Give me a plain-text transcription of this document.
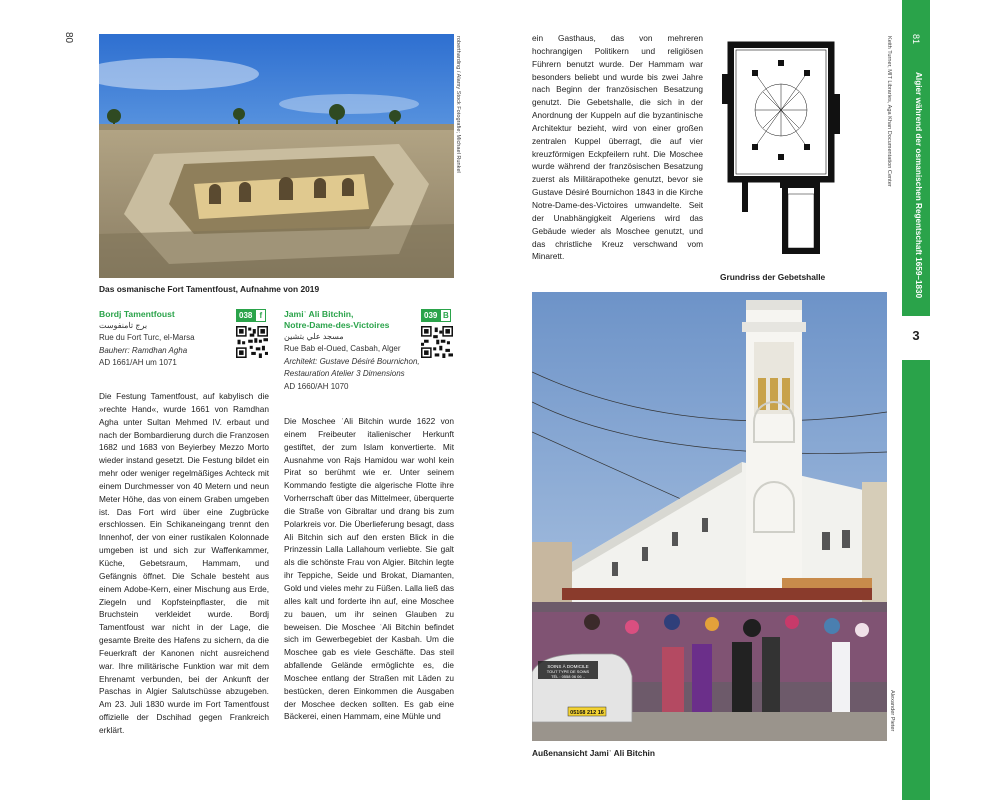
80	robertharding / Alamy Stock Fotografie; Michael Runkel
Das osmanische Fort Tamentfoust, Aufnahme von 2019
Bordj Tamentfoust
برج تامنفوست
Rue du Fort Turc, el-Marsa
Bauherr: Ramdhan Agha
AD 1661/AH um 1071
038 f
Die Festung Tamentfoust, auf kabylisch die »rechte Hand«, wurde 1661 von Ramdhan Agha unter Sultan Mehmed IV. erbaut und nach der Bombardierung durch die Franzosen 1682 und 1683 von Beyierbey Mezzo Morto wieder instand gesetzt. Die Festung bildet ein mehr oder weniger regelmäßiges Achteck mit einem Durchmesser von 40 Metern und neun Meter Höhe, das von einem Graben umgeben ist. Das Fort wird über eine Zugbrücke erschlossen. Ein Schikaneingang trennt den Innenhof, der von einer rustikalen Kolonnade umgeben ist und sich zur Waffenkammer, Küche, Gebetsraum, Hammam, und Gefängnis öffnet. Die Schale besteht aus einem Adobe-Kern, einer Mischung aus Erde, Ziegeln und Kopfsteinpflaster, die mit Bruchstein verkleidet wurde. Bordj Tamentfoust war nicht in der Lage, die gesamte Breite des Hafens zu sichern, da die Feuerkraft der Kanonen nicht ausreichend war. Ihre militärische Funktion war mit dem Ehrenamt verbunden, bei der Ankunft der Paschas in Algier Salutschüsse abzugeben. Am 23. Juli 1830 wurde im Fort Tamentfoust offizielle der Dschihad gegen Frankreich erklärt.
Jamiʿ Ali Bitchin,
Notre-Dame-des-Victoires
مسجد علي بتشين
Rue Bab el-Oued, Casbah, Alger
Architekt: Gustave Désiré Bournichon,
Restauration Atelier 3 Dimensions
AD 1660/AH 1070
039 B
Die Moschee ʿAli Bitchin wurde 1622 von einem Freibeuter italienischer Herkunft gestiftet, der zum Islam konvertierte. Mit Ausnahme von Rajs Hamidou war wohl kein Pirat so berühmt wie er. Unter seinem Kommando festigte die algerische Flotte ihre Vorherrschaft über das Mittelmeer, überquerte die Straße von Gibraltar und drang bis zum Polarkreis vor. Die Überlieferung besagt, dass Ali Bitchin sich auf den ersten Blick in die Prinzessin Lalla Lallahoum verliebte. Sie galt als die schönste Frau von Algier. Bitchin legte ihr Teppiche, Seide und Brokat, Diamanten, Gold und vieles mehr zu Füßen. Lalla ließ das alles kalt und forderte ihn auf, eine Moschee zu bauen, um ihr seinen Glauben zu beweisen. Die Moschee ʿAli Bitchin befindet sich im Gewerbegebiet der Kasbah. Um die Moschee gab es viele Geschäfte. Das steil abfallende Gelände ermöglichte es, die Moschee entlang der Straßen mit Läden zu bestücken, deren Einkommen die Ausgaben der Moschee decken sollten. Es gab eine Bäckerei, einen Hammam, eine Mühle und
ein Gasthaus, das von mehreren hochrangigen Politikern und religiösen Führern benutzt wurde. Der Hammam war besonders beliebt und wurde bis zwei Jahre nach Beginn der französischen Besatzung genutzt. Die Gebetshalle, die sich in der Anordnung der Kuppeln auf die byzantinische Architektur bezieht, wird von einer großen zentralen Kuppel überragt, die auf vier kreuzförmigen Eckpfeilern ruht. Die Moschee wurde während der französischen Besatzung zuerst als Militärapotheke genutzt, bevor sie Gustave Désiré Bournichon 1843 in die Kirche Notre-Dame-des-Victoires umwandelte. Seit der Unabhängigkeit Algeriens wird das Gebäude wieder als Moschee genutzt, und das christliche Kreuz verschwand vom Minarett.
Grundriss der Gebetshalle
Keith Turner, MIT Libraries, Aga Khan Documentation Center
SOINS À DOMICILE
TOUT TYPE DE SOINS
TÉL : 0558 06 06 ..
05168 212 16	Alexander Pieter
Außenansicht Jamiʿ Ali Bitchin
Algier während der osmanischen Regentschaft 1659–1830
3
81
